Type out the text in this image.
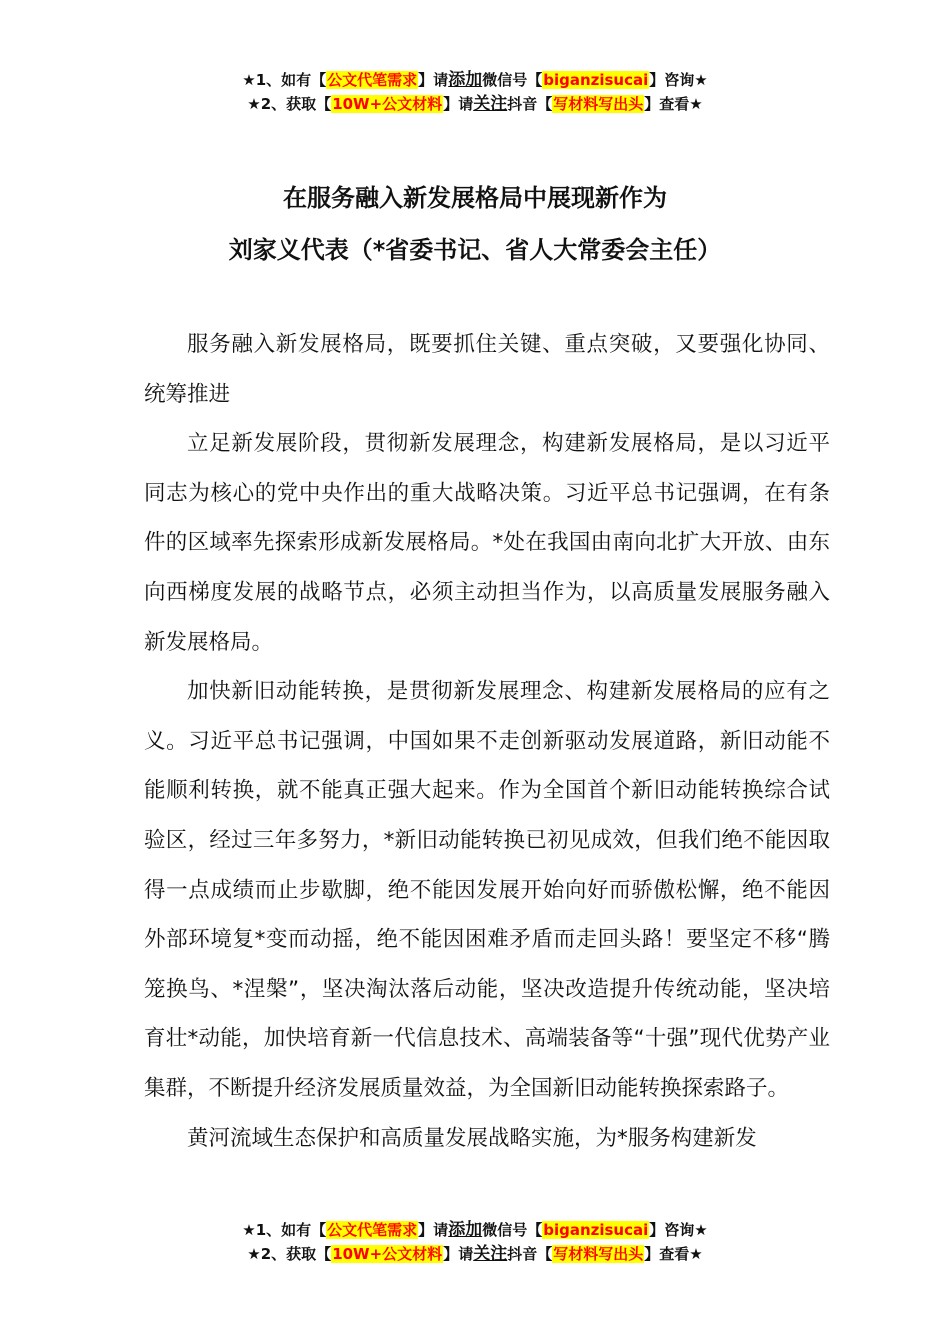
★1、如有【公文代笔需求】请添加微信号【biganzisucai】咨询★
★2、获取【10W+公文材料】请关注抖音【写材料写出头】查看★

在服务融入新发展格局中展现新作为

刘家义代表（*省委书记、省人大常委会主任）

服务融入新发展格局，既要抓住关键、重点突破，又要强化协同、统筹推进

立足新发展阶段，贯彻新发展理念，构建新发展格局，是以习近平同志为核心的党中央作出的重大战略决策。习近平总书记强调，在有条件的区域率先探索形成新发展格局。*处在我国由南向北扩大开放、由东向西梯度发展的战略节点，必须主动担当作为，以高质量发展服务融入新发展格局。

加快新旧动能转换，是贯彻新发展理念、构建新发展格局的应有之义。习近平总书记强调，中国如果不走创新驱动发展道路，新旧动能不能顺利转换，就不能真正强大起来。作为全国首个新旧动能转换综合试验区，经过三年多努力，*新旧动能转换已初见成效，但我们绝不能因取得一点成绩而止步歇脚，绝不能因发展开始向好而骄傲松懈，绝不能因外部环境复*变而动摇，绝不能因困难矛盾而走回头路！要坚定不移“腾笼换鸟、*涅槃”，坚决淘汰落后动能，坚决改造提升传统动能，坚决培育壮*动能，加快培育新一代信息技术、高端装备等“十强”现代优势产业集群，不断提升经济发展质量效益，为全国新旧动能转换探索路子。

黄河流域生态保护和高质量发展战略实施，为*服务构建新发

★1、如有【公文代笔需求】请添加微信号【biganzisucai】咨询★
★2、获取【10W+公文材料】请关注抖音【写材料写出头】查看★
